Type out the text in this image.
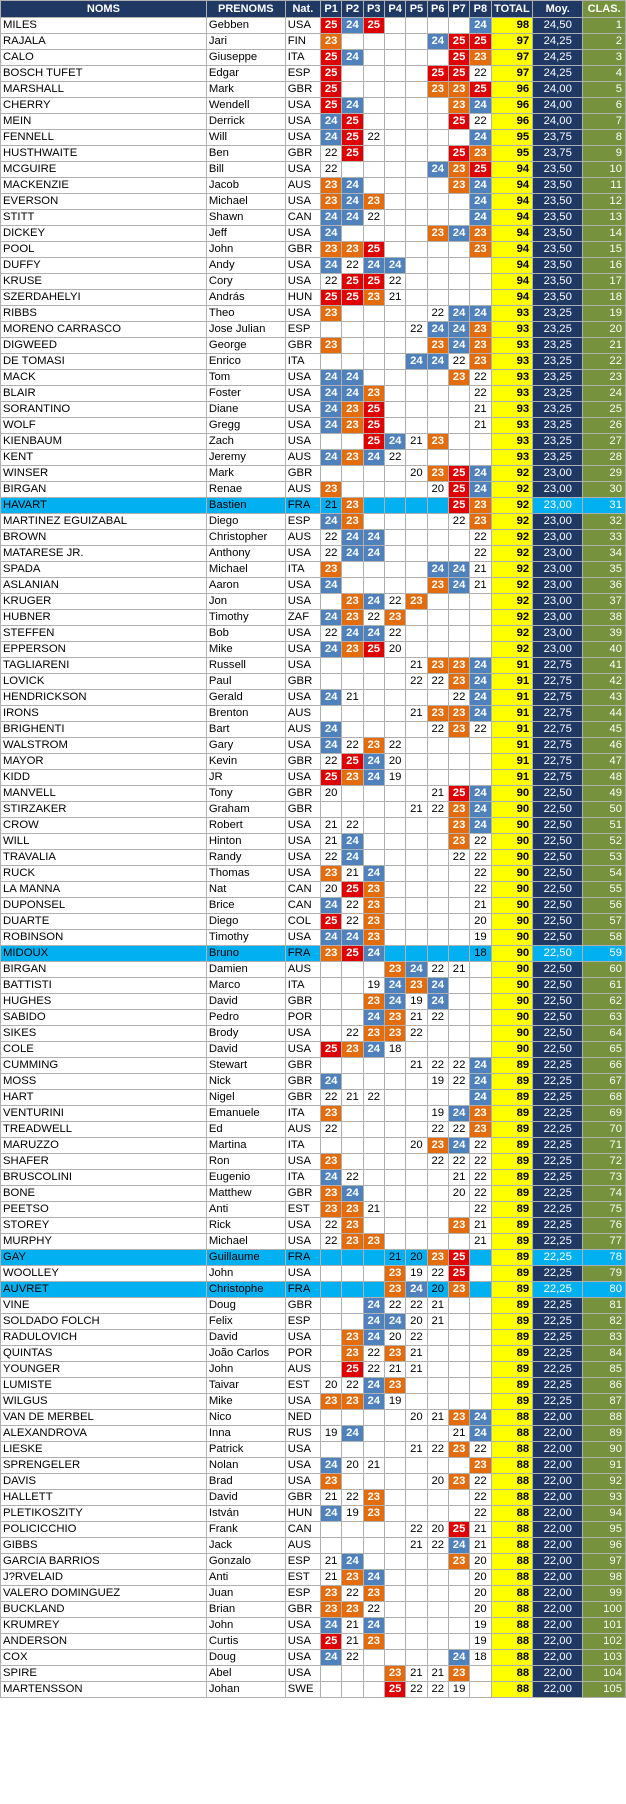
NOMS	PRENOMS	Nat.	P1	P2	P3	P4	P5	P6	P7	P8	TOTAL	Moy.	CLAS.
MILES	Gebben	USA	25	24	25					24	98	24,50	1
RAJALA	Jari	FIN	23					24	25	25	97	24,25	2
CALO	Giuseppe	ITA	25	24					25	23	97	24,25	3
BOSCH TUFET	Edgar	ESP	25					25	25	22	97	24,25	4
MARSHALL	Mark	GBR	25					23	23	25	96	24,00	5
CHERRY	Wendell	USA	25	24					23	24	96	24,00	6
MEIN	Derrick	USA	24	25					25	22	96	24,00	7
FENNELL	Will	USA	24	25	22					24	95	23,75	8
HUSTHWAITE	Ben	GBR	22	25					25	23	95	23,75	9
MCGUIRE	Bill	USA	22					24	23	25	94	23,50	10
MACKENZIE	Jacob	AUS	23	24					23	24	94	23,50	11
EVERSON	Michael	USA	23	24	23					24	94	23,50	12
STITT	Shawn	CAN	24	24	22					24	94	23,50	13
DICKEY	Jeff	USA	24					23	24	23	94	23,50	14
POOL	John	GBR	23	23	25					23	94	23,50	15
DUFFY	Andy	USA	24	22	24	24					94	23,50	16
KRUSE	Cory	USA	22	25	25	22					94	23,50	17
SZERDAHELYI	András	HUN	25	25	23	21					94	23,50	18
RIBBS	Theo	USA	23					22	24	24	93	23,25	19
MORENO CARRASCO	Jose Julian	ESP					22	24	24	23	93	23,25	20
DIGWEED	George	GBR	23					23	24	23	93	23,25	21
DE TOMASI	Enrico	ITA					24	24	22	23	93	23,25	22
MACK	Tom	USA	24	24					23	22	93	23,25	23
BLAIR	Foster	USA	24	24	23					22	93	23,25	24
SORANTINO	Diane	USA	24	23	25					21	93	23,25	25
WOLF	Gregg	USA	24	23	25					21	93	23,25	26
KIENBAUM	Zach	USA			25	24	21	23			93	23,25	27
KENT	Jeremy	AUS	24	23	24	22					93	23,25	28
WINSER	Mark	GBR					20	23	25	24	92	23,00	29
BIRGAN	Renae	AUS	23					20	25	24	92	23,00	30
HAVART	Bastien	FRA	21	23					25	23	92	23,00	31
MARTINEZ EGUIZABAL	Diego	ESP	24	23					22	23	92	23,00	32
BROWN	Christopher	AUS	22	24	24					22	92	23,00	33
MATARESE JR.	Anthony	USA	22	24	24					22	92	23,00	34
SPADA	Michael	ITA	23					24	24	21	92	23,00	35
ASLANIAN	Aaron	USA	24					23	24	21	92	23,00	36
KRUGER	Jon	USA		23	24	22	23				92	23,00	37
HUBNER	Timothy	ZAF	24	23	22	23					92	23,00	38
STEFFEN	Bob	USA	22	24	24	22					92	23,00	39
EPPERSON	Mike	USA	24	23	25	20					92	23,00	40
TAGLIARENI	Russell	USA					21	23	23	24	91	22,75	41
LOVICK	Paul	GBR					22	22	23	24	91	22,75	42
HENDRICKSON	Gerald	USA	24	21					22	24	91	22,75	43
IRONS	Brenton	AUS					21	23	23	24	91	22,75	44
BRIGHENTI	Bart	AUS	24					22	23	22	91	22,75	45
WALSTROM	Gary	USA	24	22	23	22					91	22,75	46
MAYOR	Kevin	GBR	22	25	24	20					91	22,75	47
KIDD	JR	USA	25	23	24	19					91	22,75	48
MANVELL	Tony	GBR	20					21	25	24	90	22,50	49
STIRZAKER	Graham	GBR					21	22	23	24	90	22,50	50
CROW	Robert	USA	21	22					23	24	90	22,50	51
WILL	Hinton	USA	21	24					23	22	90	22,50	52
TRAVALIA	Randy	USA	22	24					22	22	90	22,50	53
RUCK	Thomas	USA	23	21	24					22	90	22,50	54
LA MANNA	Nat	CAN	20	25	23					22	90	22,50	55
DUPONSEL	Brice	CAN	24	22	23					21	90	22,50	56
DUARTE	Diego	COL	25	22	23					20	90	22,50	57
ROBINSON	Timothy	USA	24	24	23					19	90	22,50	58
MIDOUX	Bruno	FRA	23	25	24					18	90	22,50	59
BIRGAN	Damien	AUS				23	24	22	21		90	22,50	60
BATTISTI	Marco	ITA			19	24	23	24			90	22,50	61
HUGHES	David	GBR			23	24	19	24			90	22,50	62
SABIDO	Pedro	POR			24	23	21	22			90	22,50	63
SIKES	Brody	USA		22	23	23	22				90	22,50	64
COLE	David	USA	25	23	24	18					90	22,50	65
CUMMING	Stewart	GBR					21	22	22	24	89	22,25	66
MOSS	Nick	GBR	24					19	22	24	89	22,25	67
HART	Nigel	GBR	22	21	22					24	89	22,25	68
VENTURINI	Emanuele	ITA	23					19	24	23	89	22,25	69
TREADWELL	Ed	AUS	22					22	22	23	89	22,25	70
MARUZZO	Martina	ITA					20	23	24	22	89	22,25	71
SHAFER	Ron	USA	23					22	22	22	89	22,25	72
BRUSCOLINI	Eugenio	ITA	24	22					21	22	89	22,25	73
BONE	Matthew	GBR	23	24					20	22	89	22,25	74
PEETSO	Anti	EST	23	23	21					22	89	22,25	75
STOREY	Rick	USA	22	23					23	21	89	22,25	76
MURPHY	Michael	USA	22	23	23					21	89	22,25	77
GAY	Guillaume	FRA				21	20	23	25		89	22,25	78
WOOLLEY	John	USA				23	19	22	25		89	22,25	79
AUVRET	Christophe	FRA				23	24	20	23		89	22,25	80
VINE	Doug	GBR			24	22	22	21			89	22,25	81
SOLDADO FOLCH	Felix	ESP			24	24	20	21			89	22,25	82
RADULOVICH	David	USA		23	24	20	22				89	22,25	83
QUINTAS	João Carlos	POR		23	22	23	21				89	22,25	84
YOUNGER	John	AUS		25	22	21	21				89	22,25	85
LUMISTE	Taivar	EST	20	22	24	23					89	22,25	86
WILGUS	Mike	USA	23	23	24	19					89	22,25	87
VAN DE MERBEL	Nico	NED					20	21	23	24	88	22,00	88
ALEXANDROVA	Inna	RUS	19	24					21	24	88	22,00	89
LIESKE	Patrick	USA					21	22	23	22	88	22,00	90
SPRENGELER	Nolan	USA	24	20	21					23	88	22,00	91
DAVIS	Brad	USA	23					20	23	22	88	22,00	92
HALLETT	David	GBR	21	22	23					22	88	22,00	93
PLETIKOSZITY	István	HUN	24	19	23					22	88	22,00	94
POLICICCHIO	Frank	CAN					22	20	25	21	88	22,00	95
GIBBS	Jack	AUS					21	22	24	21	88	22,00	96
GARCIA BARRIOS	Gonzalo	ESP	21	24					23	20	88	22,00	97
J?RVELAID	Anti	EST	21	23	24					20	88	22,00	98
VALERO DOMINGUEZ	Juan	ESP	23	22	23					20	88	22,00	99
BUCKLAND	Brian	GBR	23	23	22					20	88	22,00	100
KRUMREY	John	USA	24	21	24					19	88	22,00	101
ANDERSON	Curtis	USA	25	21	23					19	88	22,00	102
COX	Doug	USA	24	22					24	18	88	22,00	103
SPIRE	Abel	USA				23	21	21	23		88	22,00	104
MARTENSSON	Johan	SWE				25	22	22	19		88	22,00	105
